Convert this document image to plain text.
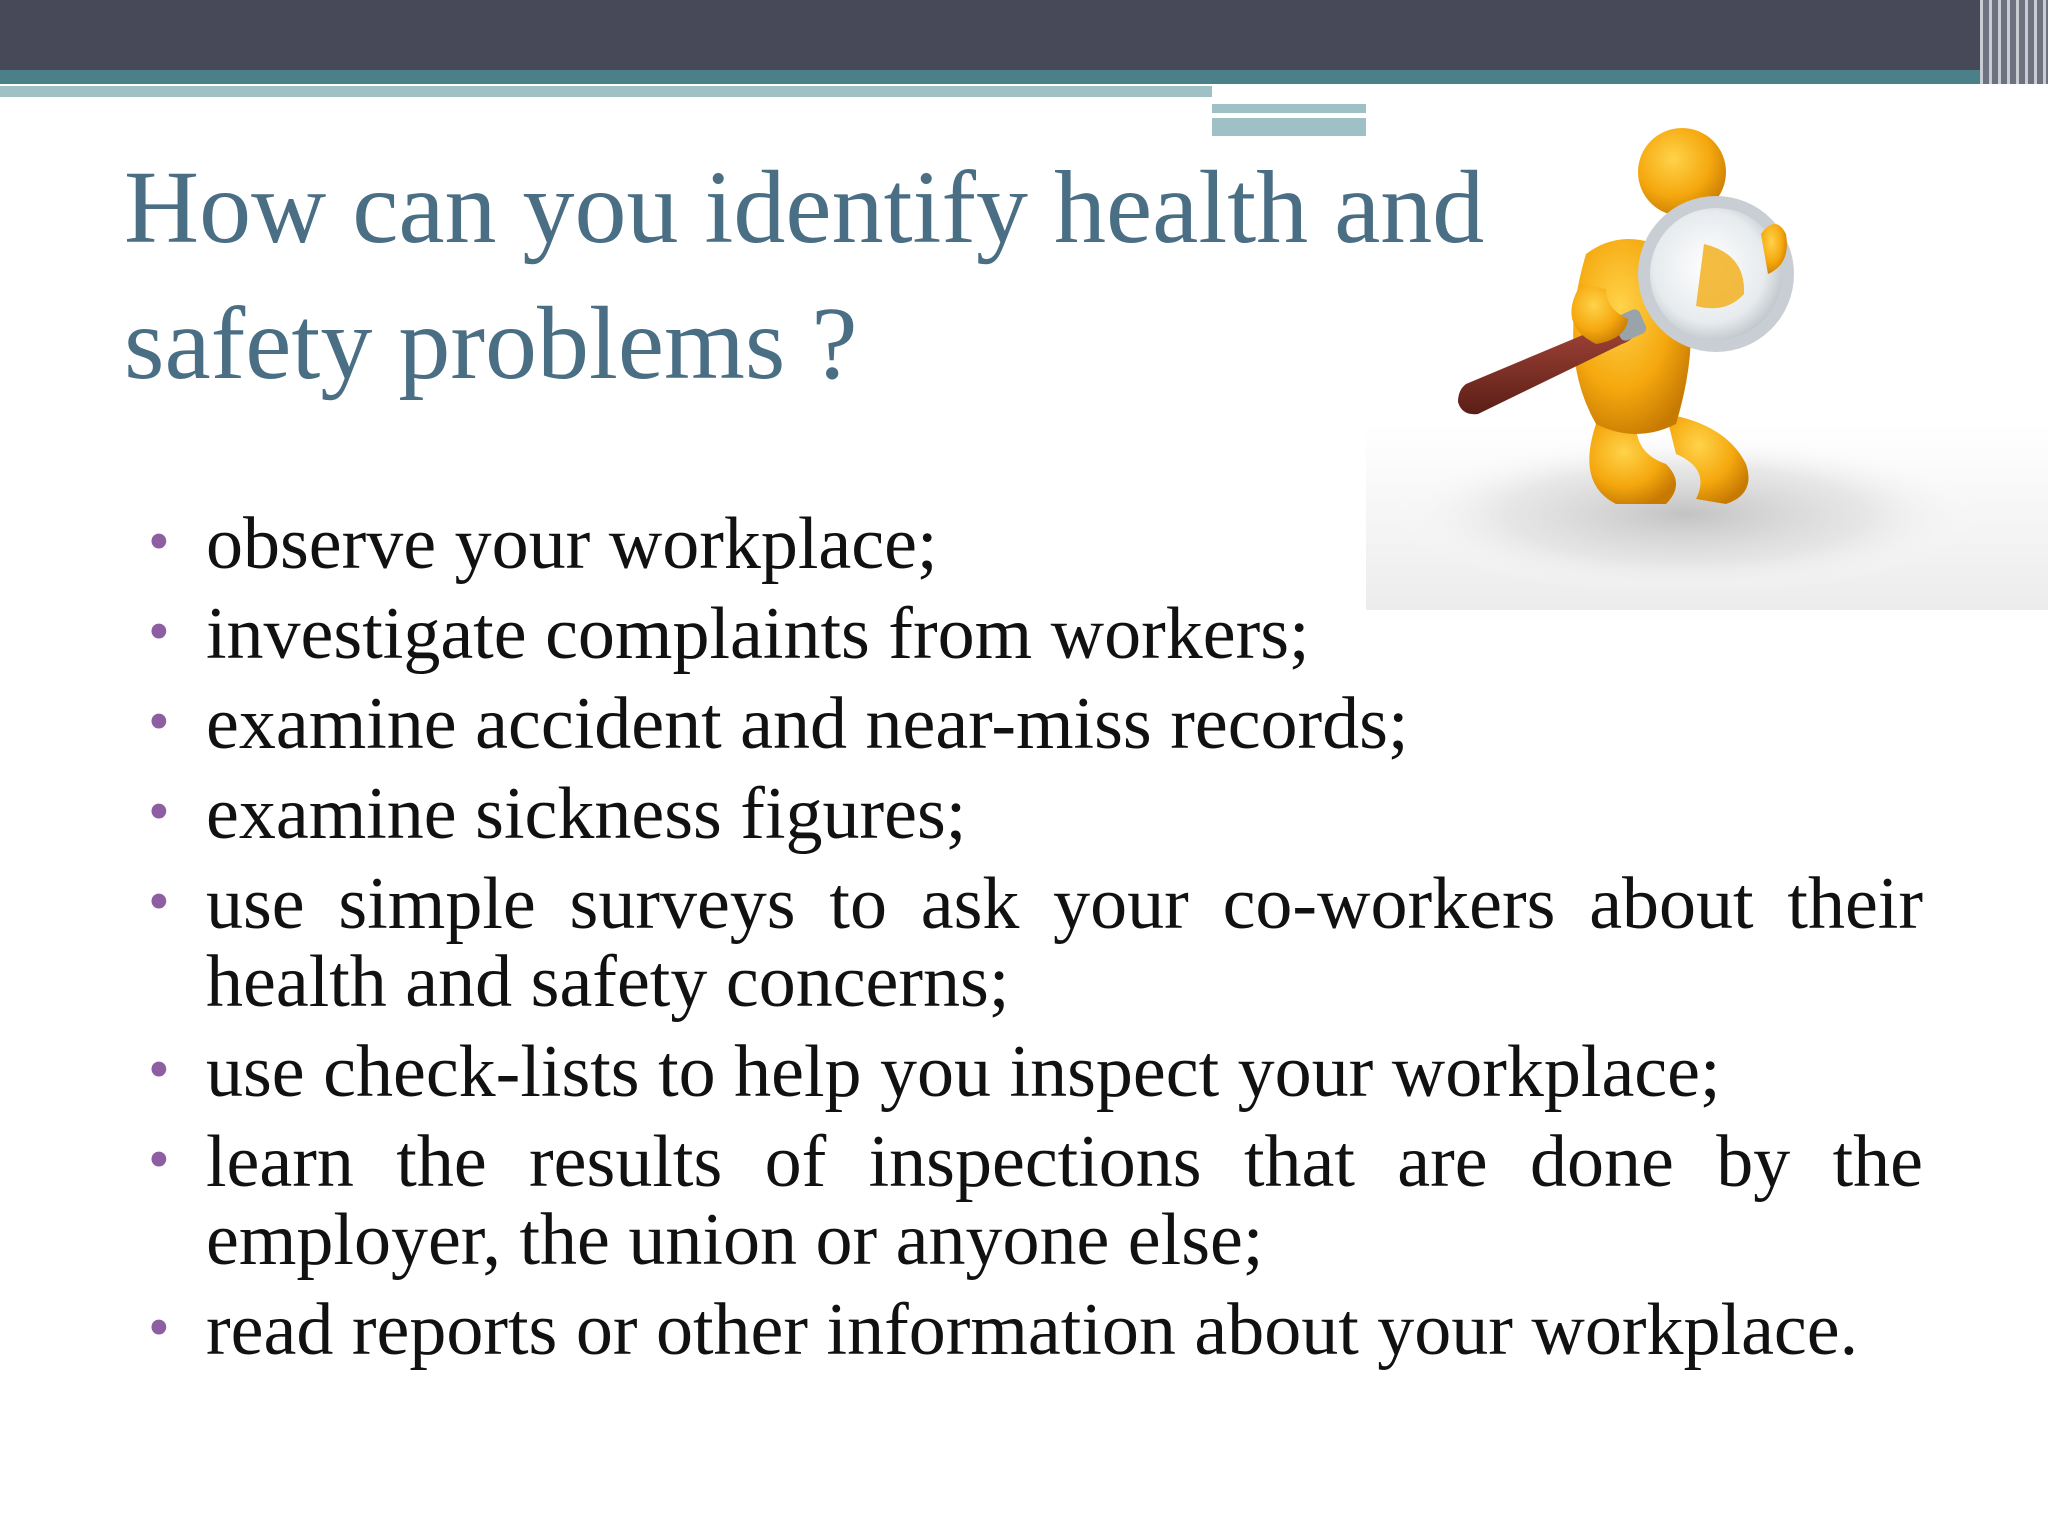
How can you identify health and safety problems ?
• observe your workplace;
• investigate complaints from workers;
• examine accident and near-miss records;
• examine sickness figures;
• use simple surveys to ask your co-workers about their health and safety concerns;
• use check-lists to help you inspect your workplace;
• learn the results of inspections that are done by the employer, the union or anyone else;
• read reports or other information about your workplace.
